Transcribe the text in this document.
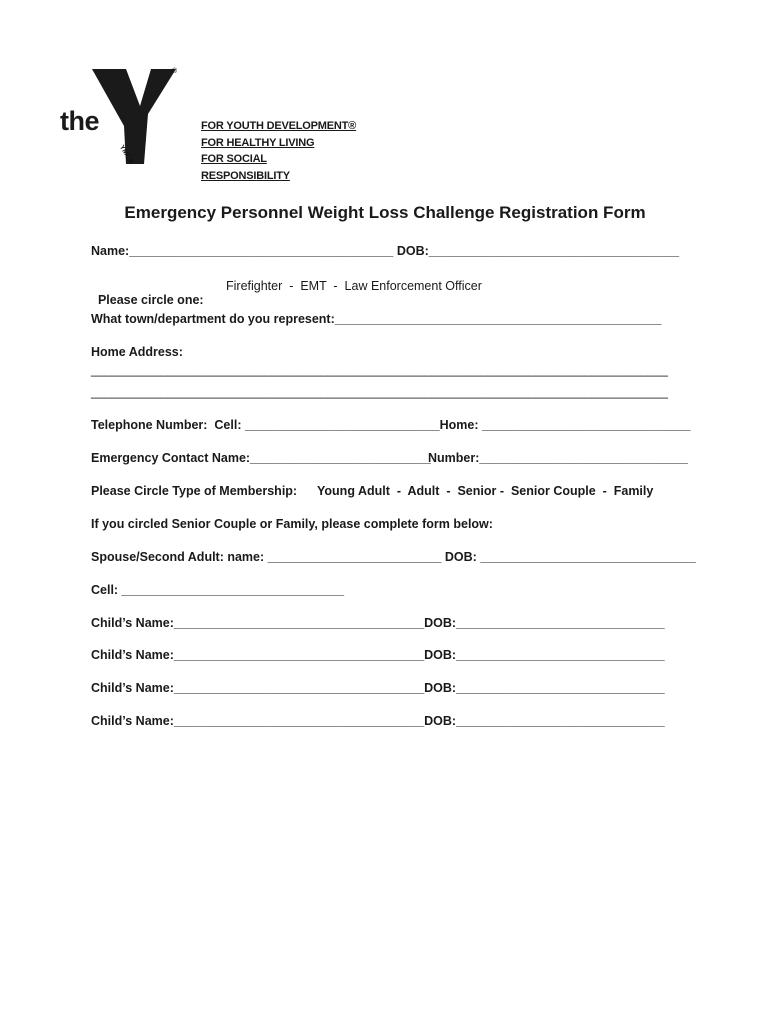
the
®
YMCA
FOR YOUTH DEVELOPMENT®
FOR HEALTHY LIVING
FOR SOCIAL RESPONSIBILITY
Emergency Personnel Weight Loss Challenge Registration Form
Name:______________________________________ DOB:____________________________________

Please circle one:

Firefighter  -  EMT  -  Law Enforcement Officer
What town/department do you represent:_______________________________________________
Home Address:
___________________________________________________________________________________
___________________________________________________________________________________
Telephone Number:  Cell: ____________________________Home: ______________________________
Emergency Contact Name:__________________________
Number:______________________________
Please Circle Type of Membership: Young Adult  -  Adult  -  Senior -  Senior Couple  -  Family
If you circled Senior Couple or Family, please complete form below:
Spouse/Second Adult: name: _________________________ DOB: _______________________________
Cell: ________________________________
Child’s Name:____________________________________DOB:______________________________
Child’s Name:____________________________________DOB:______________________________
Child’s Name:____________________________________DOB:______________________________
Child’s Name:____________________________________DOB:______________________________
